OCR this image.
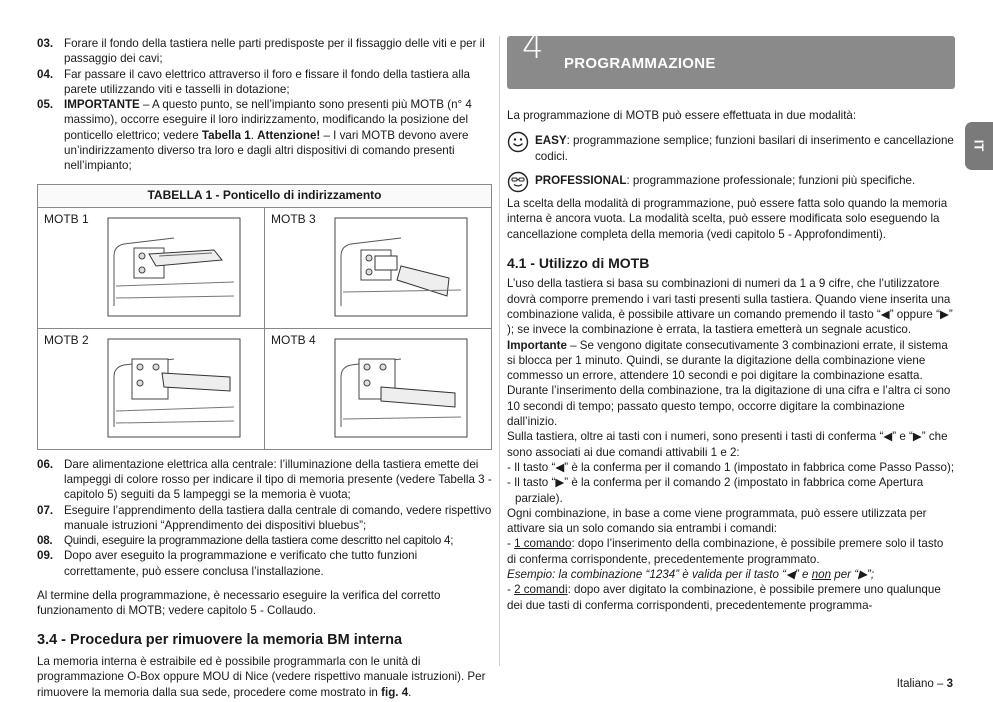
03. Forare il fondo della tastiera nelle parti predisposte per il fissaggio delle viti e per il passaggio dei cavi;

04. Far passare il cavo elettrico attraverso il foro e fissare il fondo della tastiera alla parete utilizzando viti e tasselli in dotazione;

05. IMPORTANTE – A questo punto, se nell’impianto sono presenti più MOTB (n° 4 massimo), occorre eseguire il loro indirizzamento, modificando la posizione del ponticello elettrico; vedere Tabella 1. Attenzione! – I vari MOTB devono avere un’indirizzamento diverso tra loro e dagli altri dispositivi di comando presenti nell’impianto;

TABELLA 1 - Ponticello di indirizzamento	

MOTB 1	MOTB 3

MOTB 2	MOTB 4
06. Dare alimentazione elettrica alla centrale: l’illuminazione della tastiera emette dei lampeggi di colore rosso per indicare il tipo di memoria presente (vedere Tabella 3 - capitolo 5) seguiti da 5 lampeggi se la memoria è vuota;

07. Eseguire l’apprendimento della tastiera dalla centrale di comando, vedere rispettivo manuale istruzioni “Apprendimento dei dispositivi bluebus”;

08. Quindi, eseguire la programmazione della tastiera come descritto nel capitolo 4;

09. Dopo aver eseguito la programmazione e verificato che tutto funzioni correttamente, può essere conclusa l’installazione.

Al termine della programmazione, è necessario eseguire la verifica del corretto funzionamento di MOTB; vedere capitolo 5 - Collaudo.

3.4 - Procedura per rimuovere la memoria BM interna

La memoria interna è estraibile ed è possibile programmarla con le unità di programmazione O-Box oppure MOU di Nice (vedere rispettivo manuale istruzioni). Per rimuovere la memoria dalla sua sede, procedere come mostrato in fig. 4.

4 PROGRAMMAZIONE

La programmazione di MOTB può essere effettuata in due modalità:

EASY: programmazione semplice; funzioni basilari di inserimento e cancellazione codici.

PROFESSIONAL: programmazione professionale; funzioni più specifiche.

La scelta della modalità di programmazione, può essere fatta solo quando la memoria interna è ancora vuota. La modalità scelta, può essere modificata solo eseguendo la cancellazione completa della memoria (vedi capitolo 5 - Approfondimenti).

4.1 - Utilizzo di MOTB

L’uso della tastiera si basa su combinazioni di numeri da 1 a 9 cifre, che l’utilizzatore dovrà comporre premendo i vari tasti presenti sulla tastiera. Quando viene inserita una combinazione valida, è possibile attivare un comando premendo il tasto “◀” oppure “▶” ); se invece la combinazione è errata, la tastiera emetterà un segnale acustico. Importante – Se vengono digitate consecutivamente 3 combinazioni errate, il sistema si blocca per 1 minuto. Quindi, se durante la digitazione della combinazione viene commesso un errore, attendere 10 secondi e poi digitare la combinazione esatta. Durante l’inserimento della combinazione, tra la digitazione di una cifra e l’altra ci sono 10 secondi di tempo; passato questo tempo, occorre digitare la combinazione dall’inizio.

Sulla tastiera, oltre ai tasti con i numeri, sono presenti i tasti di conferma “◀” e “▶” che sono associati ai due comandi attivabili 1 e 2:

- Il tasto “◀” è la conferma per il comando 1 (impostato in fabbrica come Passo Passo);

- Il tasto “▶” è la conferma per il comando 2 (impostato in fabbrica come Apertura parziale).

Ogni combinazione, in base a come viene programmata, può essere utilizzata per attivare sia un solo comando sia entrambi i comandi:

- 1 comando: dopo l’inserimento della combinazione, è possibile premere solo il tasto di conferma corrispondente, precedentemente programmato.

Esempio: la combinazione “1234” è valida per il tasto “◀” e non per “▶”;

- 2 comandi: dopo aver digitato la combinazione, è possibile premere uno qualunque dei due tasti di conferma corrispondenti, precedentemente programma-

IT
Italiano – 3
